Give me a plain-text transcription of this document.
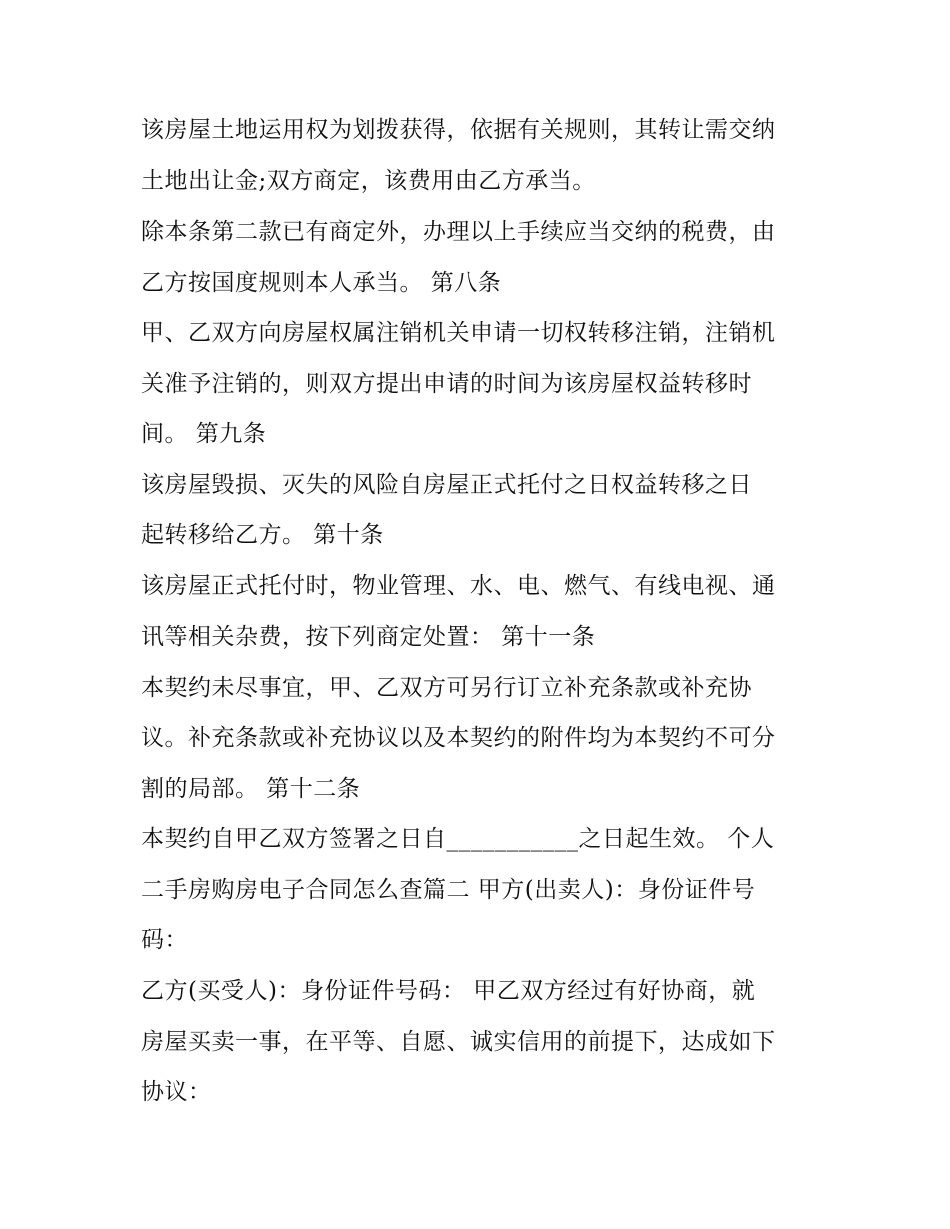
该房屋土地运用权为划拨获得，依据有关规则，其转让需交纳
土地出让金;双方商定，该费用由乙方承当。
除本条第二款已有商定外，办理以上手续应当交纳的税费，由
乙方按国度规则本人承当。 第八条
甲、乙双方向房屋权属注销机关申请一切权转移注销，注销机
关准予注销的，则双方提出申请的时间为该房屋权益转移时
间。 第九条
该房屋毁损、灭失的风险自房屋正式托付之日权益转移之日
起转移给乙方。 第十条
该房屋正式托付时，物业管理、水、电、燃气、有线电视、通
讯等相关杂费，按下列商定处置： 第十一条
本契约未尽事宜，甲、乙双方可另行订立补充条款或补充协
议。补充条款或补充协议以及本契约的附件均为本契约不可分
割的局部。 第十二条
本契约自甲乙双方签署之日自___________之日起生效。 个人
二手房购房电子合同怎么查篇二 甲方(出卖人)：身份证件号
码：
乙方(买受人)：身份证件号码： 甲乙双方经过有好协商，就
房屋买卖一事，在平等、自愿、诚实信用的前提下，达成如下
协议：
